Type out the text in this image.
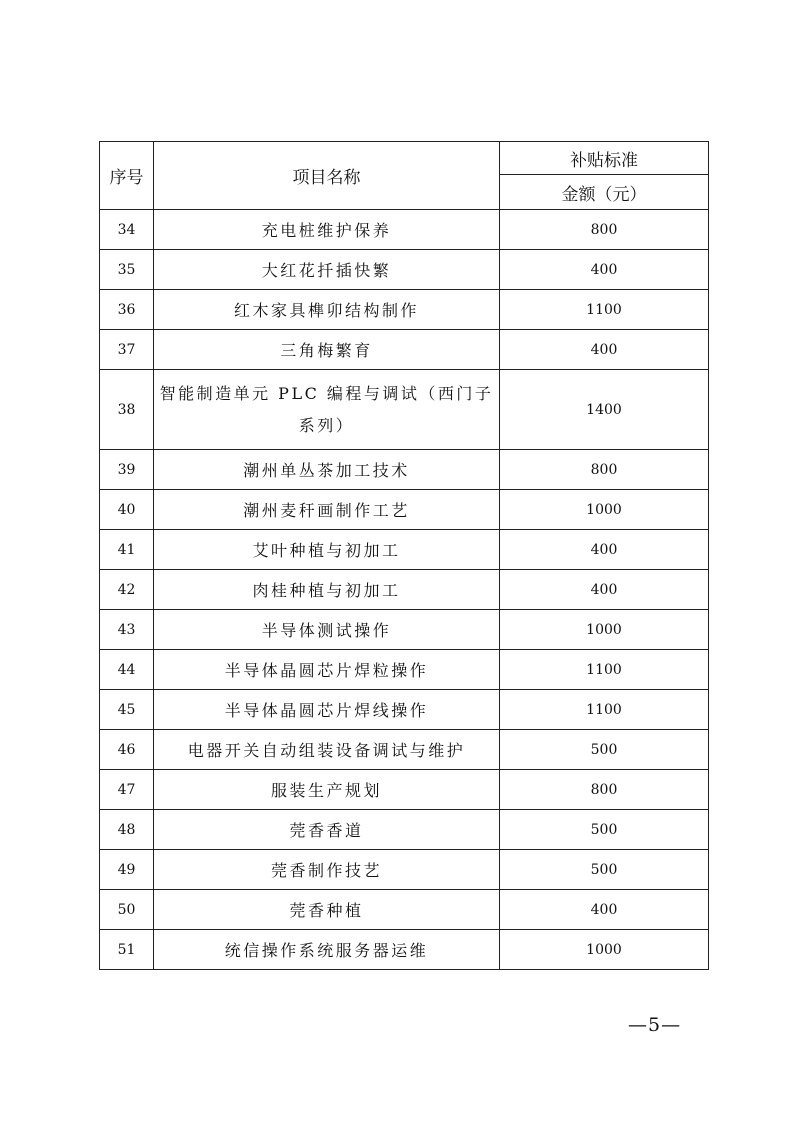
序号	项目名称	补贴标准
		金额（元）
34	充电桩维护保养	800
35	大红花扦插快繁	400
36	红木家具榫卯结构制作	1100
37	三角梅繁育	400
38	智能制造单元 PLC 编程与调试（西门子系列）	1400
39	潮州单丛茶加工技术	800
40	潮州麦秆画制作工艺	1000
41	艾叶种植与初加工	400
42	肉桂种植与初加工	400
43	半导体测试操作	1000
44	半导体晶圆芯片焊粒操作	1100
45	半导体晶圆芯片焊线操作	1100
46	电器开关自动组装设备调试与维护	500
47	服装生产规划	800
48	莞香香道	500
49	莞香制作技艺	500
50	莞香种植	400
51	统信操作系统服务器运维	1000
—5—
